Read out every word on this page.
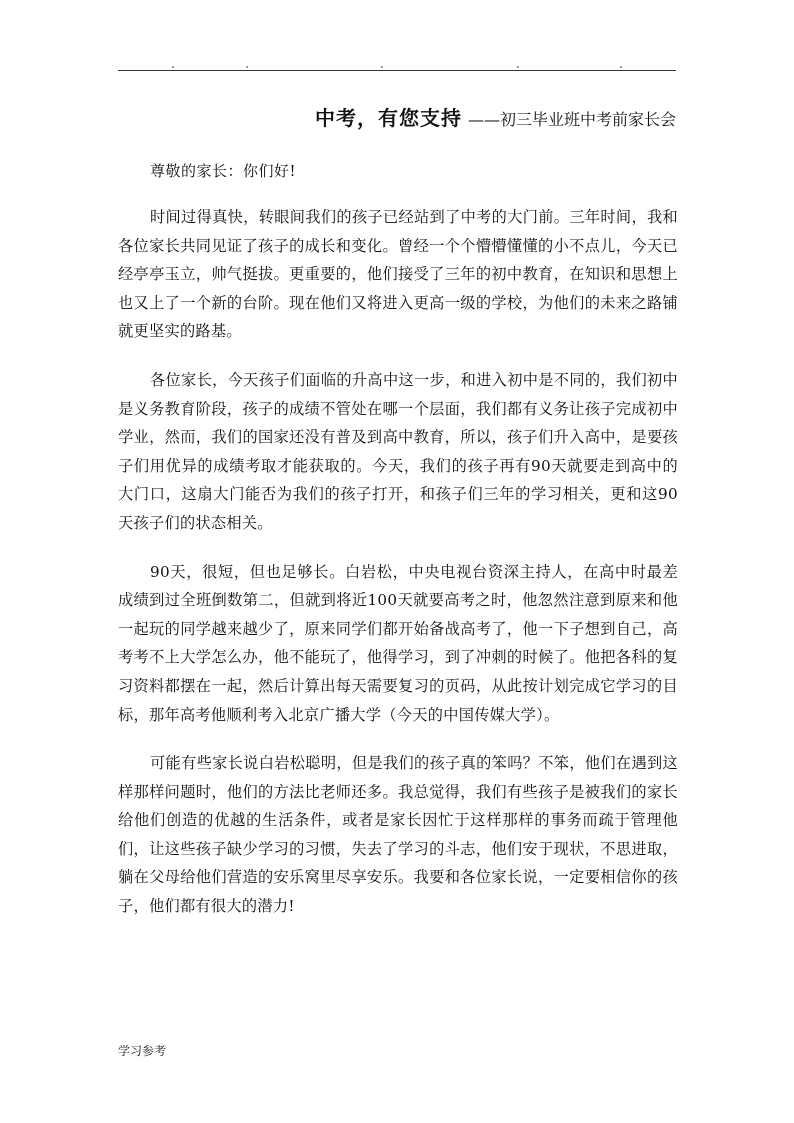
中考，有您支持 ——初三毕业班中考前家长会
尊敬的家长：你们好!

时间过得真快，转眼间我们的孩子已经站到了中考的大门前。三年时间，我和各位家长共同见证了孩子的成长和变化。曾经一个个懵懵懂懂的小不点儿，今天已经亭亭玉立，帅气挺拔。更重要的，他们接受了三年的初中教育，在知识和思想上也又上了一个新的台阶。现在他们又将进入更高一级的学校，为他们的未来之路铺就更坚实的路基。

各位家长，今天孩子们面临的升高中这一步，和进入初中是不同的，我们初中是义务教育阶段，孩子的成绩不管处在哪一个层面，我们都有义务让孩子完成初中学业，然而，我们的国家还没有普及到高中教育，所以，孩子们升入高中，是要孩子们用优异的成绩考取才能获取的。今天，我们的孩子再有90天就要走到高中的大门口，这扇大门能否为我们的孩子打开，和孩子们三年的学习相关，更和这90天孩子们的状态相关。

90天，很短，但也足够长。白岩松，中央电视台资深主持人，在高中时最差成绩到过全班倒数第二，但就到将近100天就要高考之时，他忽然注意到原来和他一起玩的同学越来越少了，原来同学们都开始备战高考了，他一下子想到自己，高考考不上大学怎么办，他不能玩了，他得学习，到了冲刺的时候了。他把各科的复习资料都摆在一起，然后计算出每天需要复习的页码，从此按计划完成它学习的目标，那年高考他顺利考入北京广播大学（今天的中国传媒大学）。

可能有些家长说白岩松聪明，但是我们的孩子真的笨吗？不笨，他们在遇到这样那样问题时，他们的方法比老师还多。我总觉得，我们有些孩子是被我们的家长给他们创造的优越的生活条件，或者是家长因忙于这样那样的事务而疏于管理他们，让这些孩子缺少学习的习惯，失去了学习的斗志，他们安于现状，不思进取，躺在父母给他们营造的安乐窝里尽享安乐。我要和各位家长说，一定要相信你的孩子，他们都有很大的潜力!

学习参考
